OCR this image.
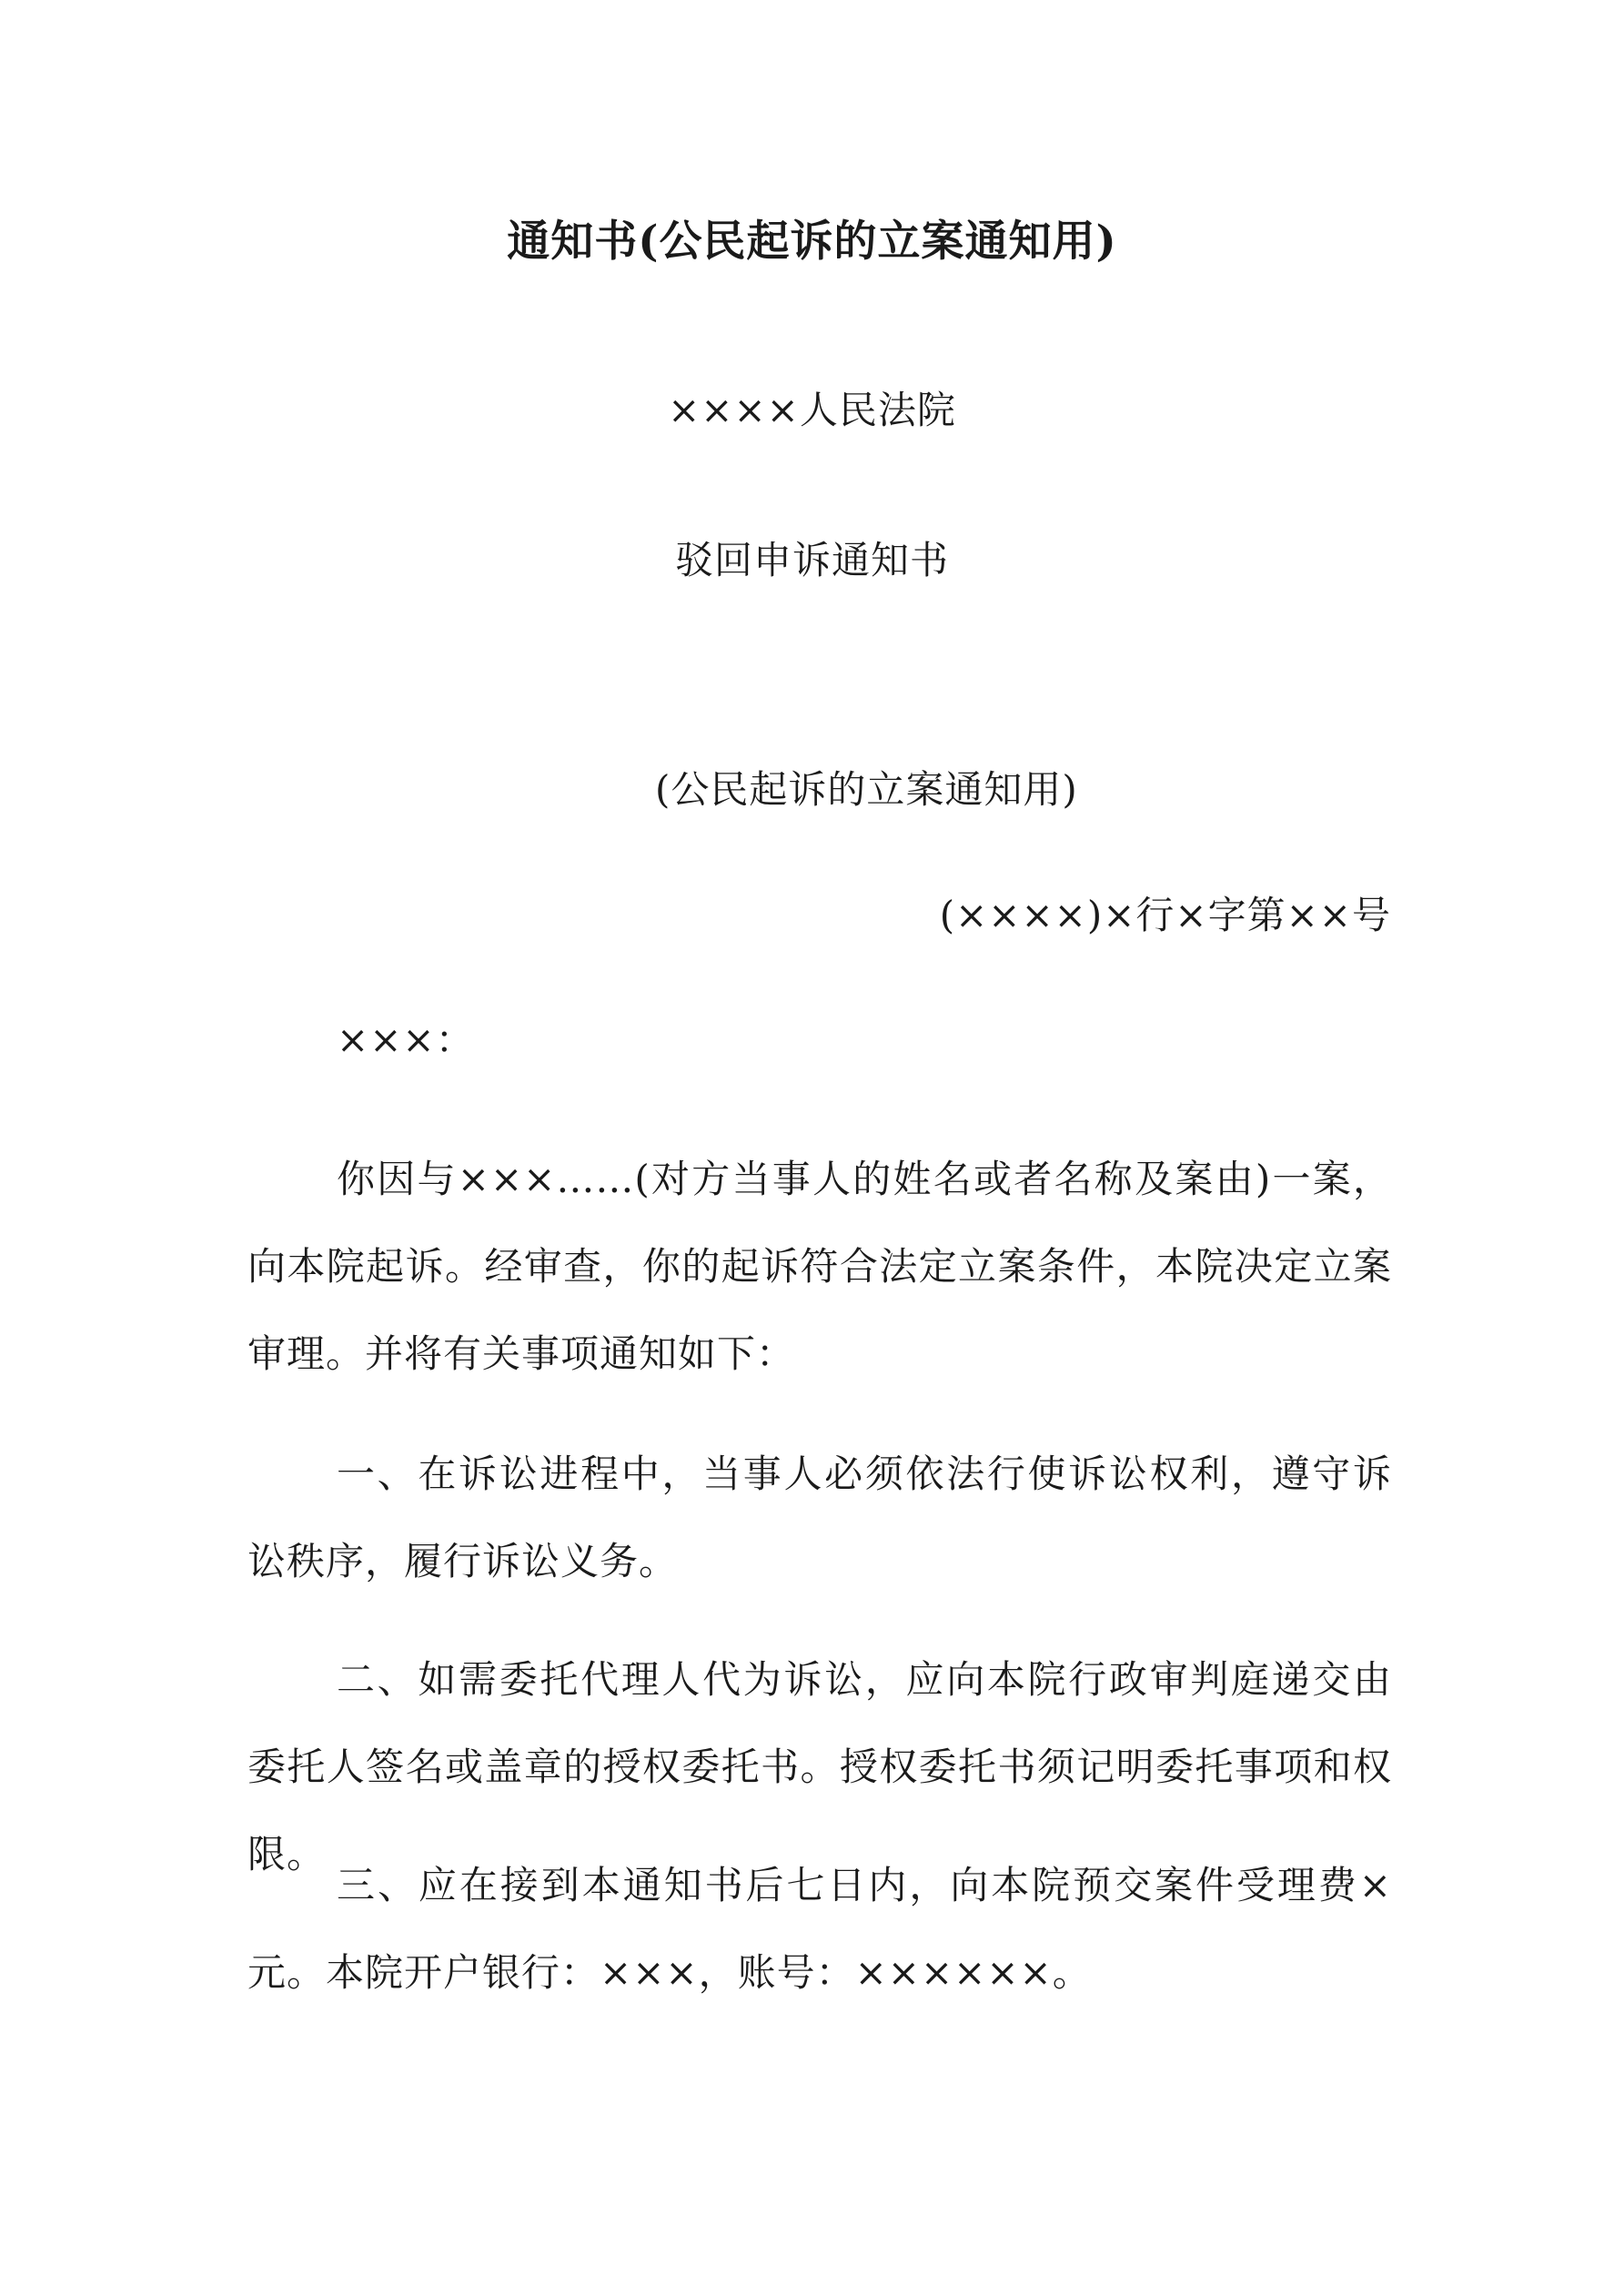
通知书(公民起诉的立案通知用)
××××人民法院
驳回申诉通知书
(公民起诉的立案通知用)
(××××)×行×字第××号
×××：

你因与×××……(对方当事人的姓名或者名称及案由)一案，向本院起诉。经审查，你的起诉符合法定立案条件，本院决定立案审理。并将有关事项通知如下：

一、在诉讼进程中，当事人必须依法行使诉讼权利，遵守诉讼秩序，履行诉讼义务。

二、如需委托代理人代为诉讼，应向本院行政审判庭递交由委托人签名或盖章的授权委托书。授权委托书须记明委托事项和权限。

三、应在接到本通知书后七日内，向本院预交案件受理费×元。本院开户银行：×××，账号：××××××。
